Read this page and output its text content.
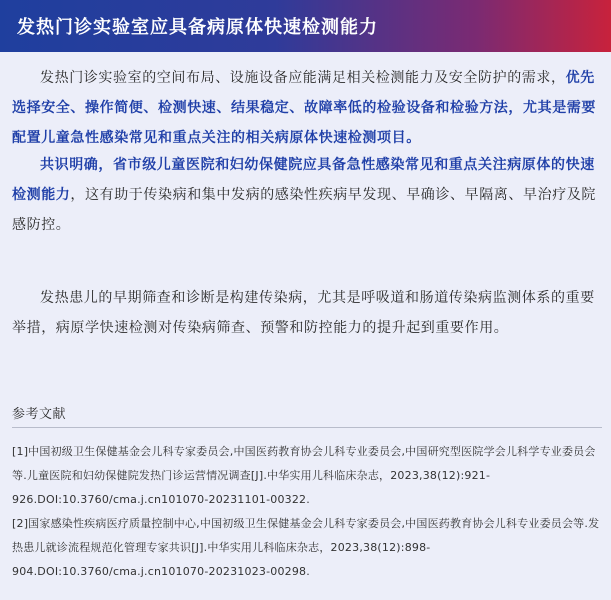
发热门诊实验室应具备病原体快速检测能力

发热门诊实验室的空间布局、设施设备应能满足相关检测能力及安全防护的需求，优先选择安全、操作简便、检测快速、结果稳定、故障率低的检验设备和检验方法，尤其是需要配置儿童急性感染常见和重点关注的相关病原体快速检测项目。

共识明确，省市级儿童医院和妇幼保健院应具备急性感染常见和重点关注病原体的快速检测能力，这有助于传染病和集中发病的感染性疾病早发现、早确诊、早隔离、早治疗及院感防控。

发热患儿的早期筛查和诊断是构建传染病，尤其是呼吸道和肠道传染病监测体系的重要举措，病原学快速检测对传染病筛查、预警和防控能力的提升起到重要作用。

参考文献

[1]中国初级卫生保健基金会儿科专家委员会,中国医药教育协会儿科专业委员会,中国研究型医院学会儿科学专业委员会等.儿童医院和妇幼保健院发热门诊运营情况调查[J].中华实用儿科临床杂志，2023,38(12):921-926.DOI:10.3760/cma.j.cn101070-20231101-00322.

[2]国家感染性疾病医疗质量控制中心,中国初级卫生保健基金会儿科专家委员会,中国医药教育协会儿科专业委员会等.发热患儿就诊流程规范化管理专家共识[J].中华实用儿科临床杂志，2023,38(12):898-904.DOI:10.3760/cma.j.cn101070-20231023-00298.
